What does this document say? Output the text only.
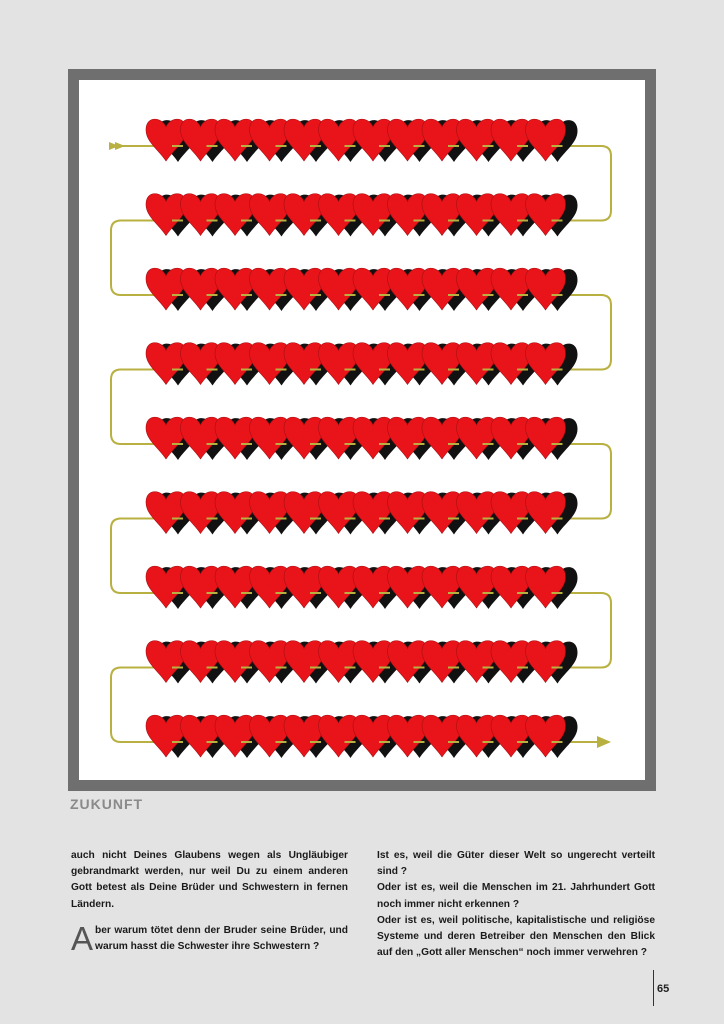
ZUKUNFT

auch nicht Deines Glaubens wegen als Ungläubiger gebrandmarkt werden, nur weil Du zu einem anderen Gott betest als Deine Brüder und Schwestern in fernen Ländern.

Aber warum tötet denn der Bruder seine Brüder, und warum hasst die Schwester ihre Schwestern ?

Ist es, weil die Güter dieser Welt so ungerecht verteilt sind ?

Oder ist es, weil die Menschen im 21. Jahrhundert Gott noch immer nicht erkennen ?

Oder ist es, weil politische, kapitalistische und religiöse Systeme und deren Betreiber den Menschen den Blick auf den „Gott aller Menschen“ noch immer verwehren ?

65
